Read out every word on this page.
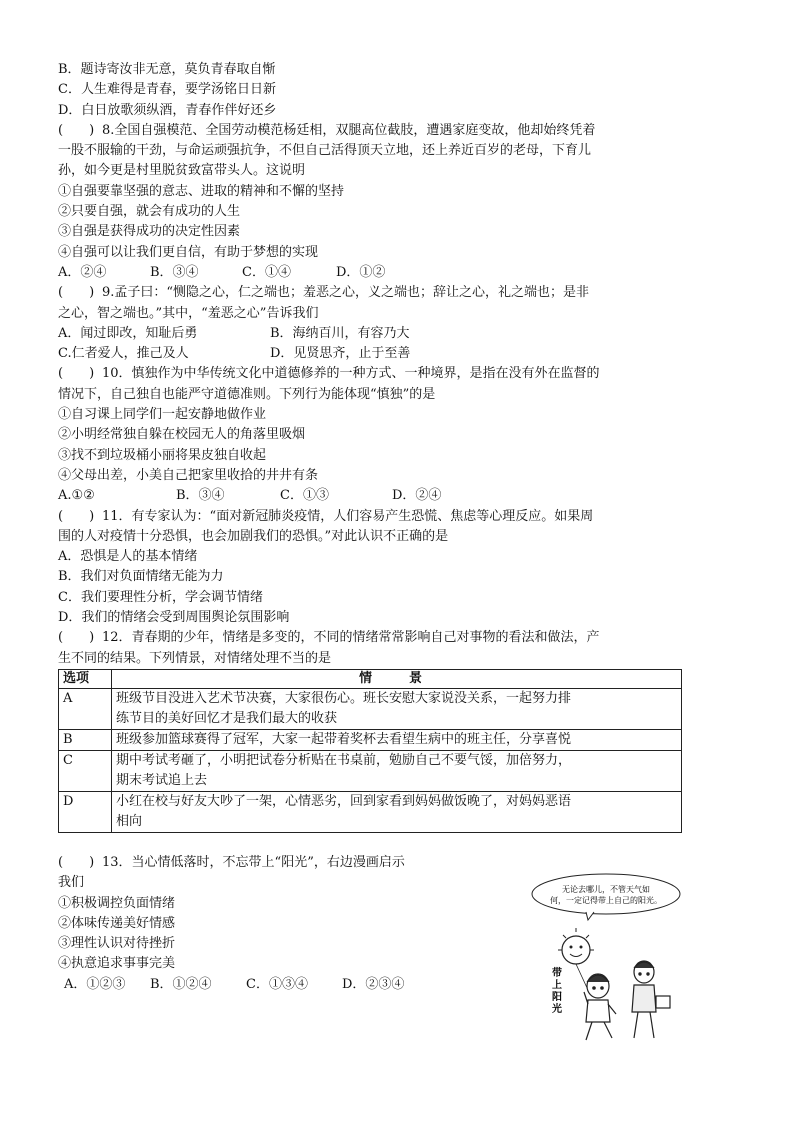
B．题诗寄汝非无意，莫负青春取自惭
C．人生难得是青春，要学汤铭日日新
D．白日放歌须纵酒，青春作伴好还乡
(　　) 8.全国自强模范、全国劳动模范杨廷相，双腿高位截肢，遭遇家庭变故，他却始终凭着
一股不服输的干劲，与命运顽强抗争，不但自己活得顶天立地，还上养近百岁的老母，下育儿
孙，如今更是村里脱贫致富带头人。这说明
①自强要靠坚强的意志、进取的精神和不懈的坚持
②只要自强，就会有成功的人生
③自强是获得成功的决定性因素
④自强可以让我们更自信，有助于梦想的实现
A．②④	B．③④	C．①④	D．①②
(　　) 9.孟子曰：“恻隐之心，仁之端也；羞恶之心，义之端也；辞让之心，礼之端也；是非
之心，智之端也。”其中，“羞恶之心”告诉我们
A．闻过即改，知耻后勇	B．海纳百川，有容乃大
C.仁者爱人，推己及人	D．见贤思齐，止于至善
(　　) 10．慎独作为中华传统文化中道德修养的一种方式、一种境界，是指在没有外在监督的
情况下，自己独自也能严守道德准则。下列行为能体现“慎独”的是
①自习课上同学们一起安静地做作业
②小明经常独自躲在校园无人的角落里吸烟
③找不到垃圾桶小丽将果皮独自收起
④父母出差，小美自己把家里收拾的井井有条
A.①②	B．③④	C．①③	D．②④
(　　) 11．有专家认为：“面对新冠肺炎疫情，人们容易产生恐慌、焦虑等心理反应。如果周
围的人对疫情十分恐惧，也会加剧我们的恐惧。”对此认识不正确的是
A．恐惧是人的基本情绪
B．我们对负面情绪无能为力
C．我们要理性分析，学会调节情绪
D．我们的情绪会受到周围舆论氛围影响
(　　) 12．青春期的少年，情绪是多变的，不同的情绪常常影响自己对事物的看法和做法，产
生不同的结果。下列情景，对情绪处理不当的是
选项	情　景
A	班级节目没进入艺术节决赛，大家很伤心。班长安慰大家说没关系，一起努力排
练节目的美好回忆才是我们最大的收获

B	班级参加篮球赛得了冠军，大家一起带着奖杯去看望生病中的班主任，分享喜悦

C	期中考试考砸了，小明把试卷分析贴在书桌前，勉励自己不要气馁，加倍努力，
期末考试追上去

D	小红在校与好友大吵了一架，心情恶劣，回到家看到妈妈做饭晚了，对妈妈恶语
相向
(　　) 13．当心情低落时，不忘带上“阳光”，右边漫画启示
我们
①积极调控负面情绪
②体味传递美好情感
③理性认识对待挫折
④执意追求事事完美
A．①②③ B．①②④	C．①③④	D．②③④
无论去哪儿，不管天气如
何，一定记得带上自己的阳光。
带
上
阳
光
